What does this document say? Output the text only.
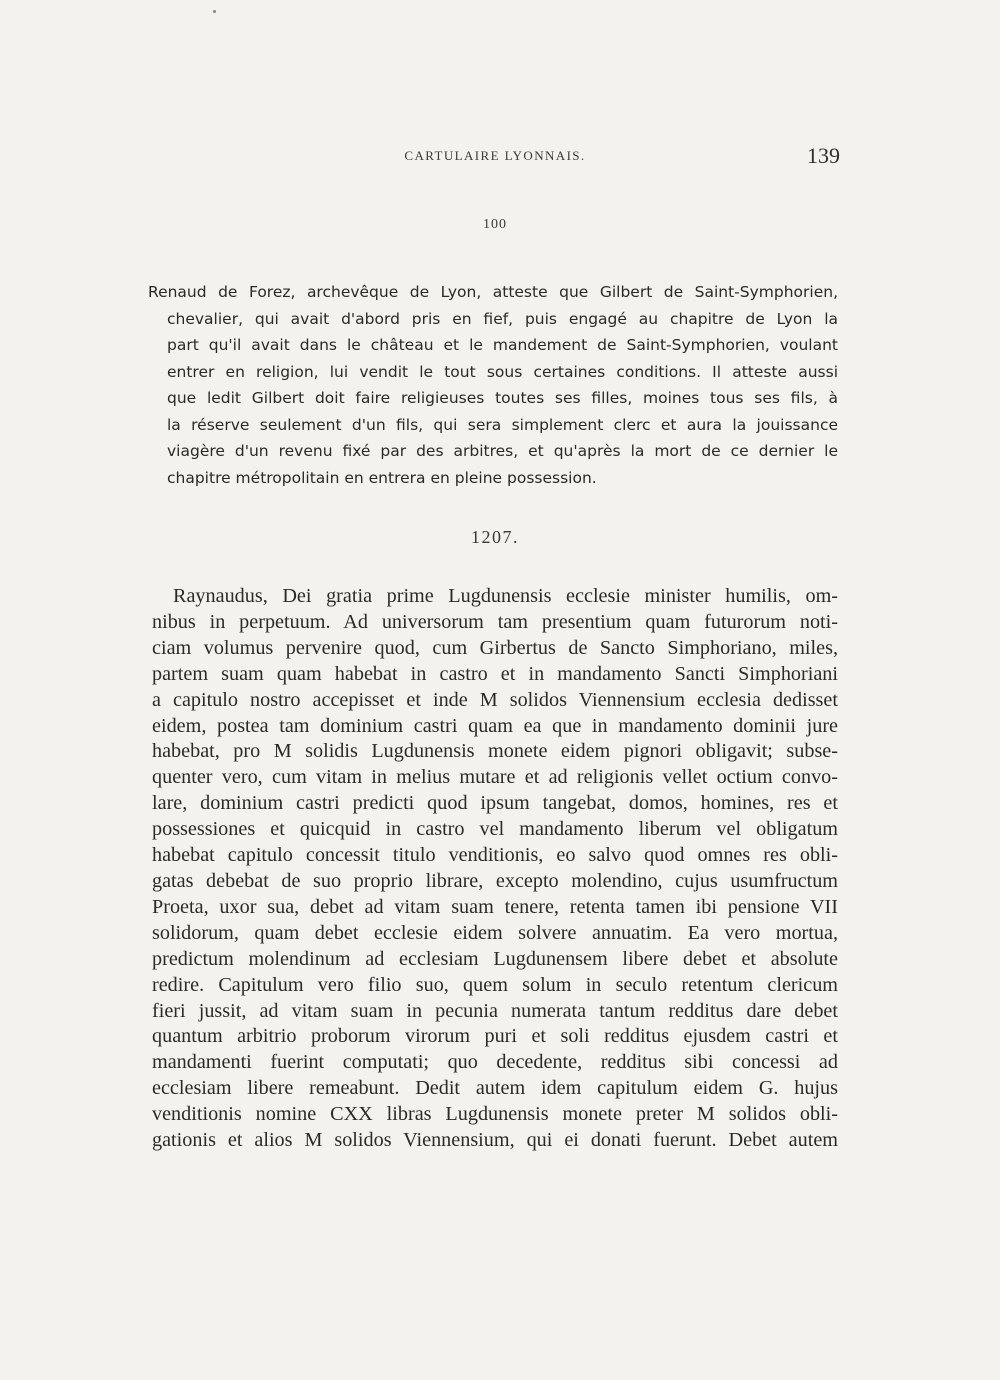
CARTULAIRE LYONNAIS.	139
100
Renaud de Forez, archevêque de Lyon, atteste que Gilbert de Saint-Symphorien,
chevalier, qui avait d'abord pris en fief, puis engagé au chapitre de Lyon la
part qu'il avait dans le château et le mandement de Saint-Symphorien, voulant
entrer en religion, lui vendit le tout sous certaines conditions. Il atteste aussi
que ledit Gilbert doit faire religieuses toutes ses filles, moines tous ses fils, à
la réserve seulement d'un fils, qui sera simplement clerc et aura la jouissance
viagère d'un revenu fixé par des arbitres, et qu'après la mort de ce dernier le
chapitre métropolitain en entrera en pleine possession.
1207.
Raynaudus, Dei gratia prime Lugdunensis ecclesie minister humilis, om-
nibus in perpetuum. Ad universorum tam presentium quam futurorum noti-
ciam volumus pervenire quod, cum Girbertus de Sancto Simphoriano, miles,
partem suam quam habebat in castro et in mandamento Sancti Simphoriani
a capitulo nostro accepisset et inde M solidos Viennensium ecclesia dedisset
eidem, postea tam dominium castri quam ea que in mandamento dominii jure
habebat, pro M solidis Lugdunensis monete eidem pignori obligavit; subse-
quenter vero, cum vitam in melius mutare et ad religionis vellet octium convo-
lare, dominium castri predicti quod ipsum tangebat, domos, homines, res et
possessiones et quicquid in castro vel mandamento liberum vel obligatum
habebat capitulo concessit titulo venditionis, eo salvo quod omnes res obli-
gatas debebat de suo proprio librare, excepto molendino, cujus usumfructum
Proeta, uxor sua, debet ad vitam suam tenere, retenta tamen ibi pensione VII
solidorum, quam debet ecclesie eidem solvere annuatim. Ea vero mortua,
predictum molendinum ad ecclesiam Lugdunensem libere debet et absolute
redire. Capitulum vero filio suo, quem solum in seculo retentum clericum
fieri jussit, ad vitam suam in pecunia numerata tantum redditus dare debet
quantum arbitrio proborum virorum puri et soli redditus ejusdem castri et
mandamenti fuerint computati; quo decedente, redditus sibi concessi ad
ecclesiam libere remeabunt. Dedit autem idem capitulum eidem G. hujus
venditionis nomine CXX libras Lugdunensis monete preter M solidos obli-
gationis et alios M solidos Viennensium, qui ei donati fuerunt. Debet autem
